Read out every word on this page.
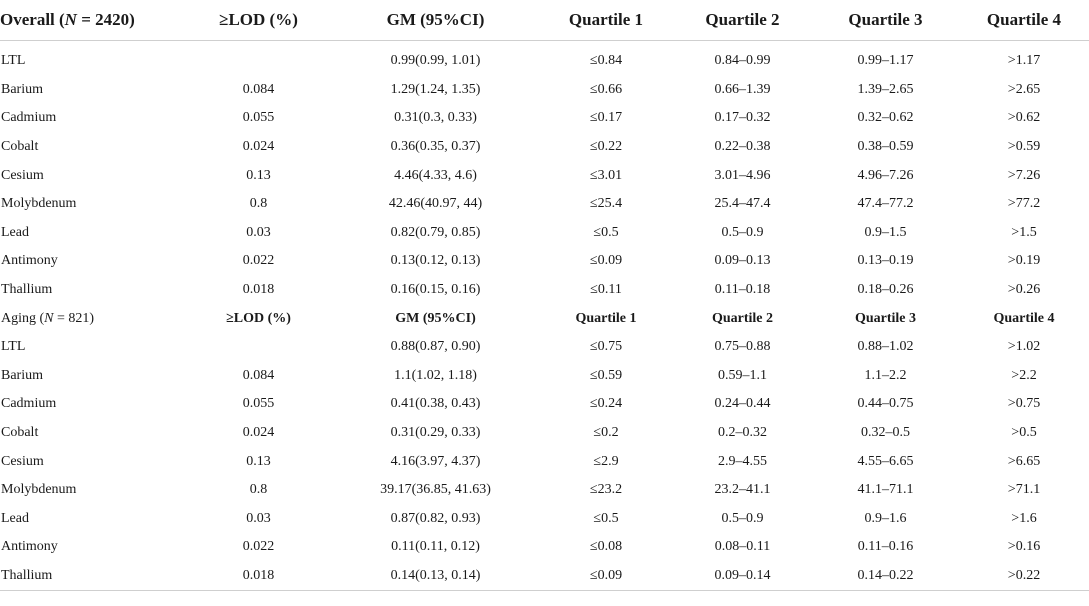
Overall (N = 2420)	≥LOD (%)	GM (95%CI)	Quartile 1	Quartile 2	Quartile 3	Quartile 4

LTL		0.99(0.99, 1.01)	≤0.84	0.84–0.99	0.99–1.17	>1.17
Barium	0.084	1.29(1.24, 1.35)	≤0.66	0.66–1.39	1.39–2.65	>2.65
Cadmium	0.055	0.31(0.3, 0.33)	≤0.17	0.17–0.32	0.32–0.62	>0.62
Cobalt	0.024	0.36(0.35, 0.37)	≤0.22	0.22–0.38	0.38–0.59	>0.59
Cesium	0.13	4.46(4.33, 4.6)	≤3.01	3.01–4.96	4.96–7.26	>7.26
Molybdenum	0.8	42.46(40.97, 44)	≤25.4	25.4–47.4	47.4–77.2	>77.2
Lead	0.03	0.82(0.79, 0.85)	≤0.5	0.5–0.9	0.9–1.5	>1.5
Antimony	0.022	0.13(0.12, 0.13)	≤0.09	0.09–0.13	0.13–0.19	>0.19
Thallium	0.018	0.16(0.15, 0.16)	≤0.11	0.11–0.18	0.18–0.26	>0.26
Aging (N = 821)	≥LOD (%)	GM (95%CI)	Quartile 1	Quartile 2	Quartile 3	Quartile 4
LTL		0.88(0.87, 0.90)	≤0.75	0.75–0.88	0.88–1.02	>1.02
Barium	0.084	1.1(1.02, 1.18)	≤0.59	0.59–1.1	1.1–2.2	>2.2
Cadmium	0.055	0.41(0.38, 0.43)	≤0.24	0.24–0.44	0.44–0.75	>0.75
Cobalt	0.024	0.31(0.29, 0.33)	≤0.2	0.2–0.32	0.32–0.5	>0.5
Cesium	0.13	4.16(3.97, 4.37)	≤2.9	2.9–4.55	4.55–6.65	>6.65
Molybdenum	0.8	39.17(36.85, 41.63)	≤23.2	23.2–41.1	41.1–71.1	>71.1
Lead	0.03	0.87(0.82, 0.93)	≤0.5	0.5–0.9	0.9–1.6	>1.6
Antimony	0.022	0.11(0.11, 0.12)	≤0.08	0.08–0.11	0.11–0.16	>0.16
Thallium	0.018	0.14(0.13, 0.14)	≤0.09	0.09–0.14	0.14–0.22	>0.22
